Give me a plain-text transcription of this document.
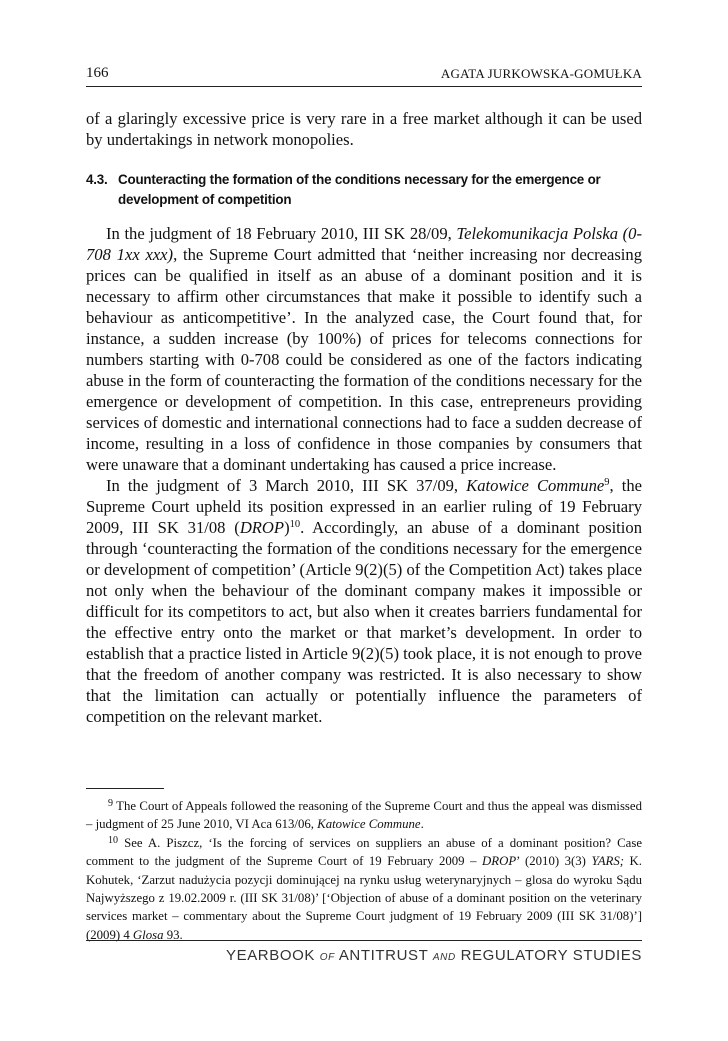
166	AGATA JURKOWSKA-GOMUŁKA

of a glaringly excessive price is very rare in a free market although it can be used by undertakings in network monopolies.

4.3. Counteracting the formation of the conditions necessary for the emergence or development of competition

In the judgment of 18 February 2010, III SK 28/09, Telekomunikacja Polska (0-708 1xx xxx), the Supreme Court admitted that ‘neither increasing nor decreasing prices can be qualified in itself as an abuse of a dominant position and it is necessary to affirm other circumstances that make it possible to identify such a behaviour as anticompetitive’. In the analyzed case, the Court found that, for instance, a sudden increase (by 100%) of prices for telecoms connections for numbers starting with 0-708 could be considered as one of the factors indicating abuse in the form of counteracting the formation of the conditions necessary for the emergence or development of competition. In this case, entrepreneurs providing services of domestic and international connections had to face a sudden decrease of income, resulting in a loss of confidence in those companies by consumers that were unaware that a dominant undertaking has caused a price increase.

In the judgment of 3 March 2010, III SK 37/09, Katowice Commune$^9$, the Supreme Court upheld its position expressed in an earlier ruling of 19 February 2009, III SK 31/08 (DROP)$^{10}$. Accordingly, an abuse of a dominant position through ‘counteracting the formation of the conditions necessary for the emergence or development of competition’ (Article 9(2)(5) of the Competition Act) takes place not only when the behaviour of the dominant company makes it impossible or difficult for its competitors to act, but also when it creates barriers fundamental for the effective entry onto the market or that market’s development. In order to establish that a practice listed in Article 9(2)(5) took place, it is not enough to prove that the freedom of another company was restricted. It is also necessary to show that the limitation can actually or potentially influence the parameters of competition on the relevant market.

$^9$ The Court of Appeals followed the reasoning of the Supreme Court and thus the appeal was dismissed – judgment of 25 June 2010, VI Aca 613/06, Katowice Commune.

$^{10}$ See A. Piszcz, ‘Is the forcing of services on suppliers an abuse of a dominant position? Case comment to the judgment of the Supreme Court of 19 February 2009 – DROP’ (2010) 3(3) YARS; K. Kohutek, ‘Zarzut nadużycia pozycji dominującej na rynku usług weterynaryjnych – glosa do wyroku Sądu Najwyższego z 19.02.2009 r. (III SK 31/08)’ [‘Objection of abuse of a dominant position on the veterinary services market – commentary about the Supreme Court judgment of 19 February 2009 (III SK 31/08)’] (2009) 4 Glosa 93.

YEARBOOK OF ANTITRUST AND REGULATORY STUDIES
